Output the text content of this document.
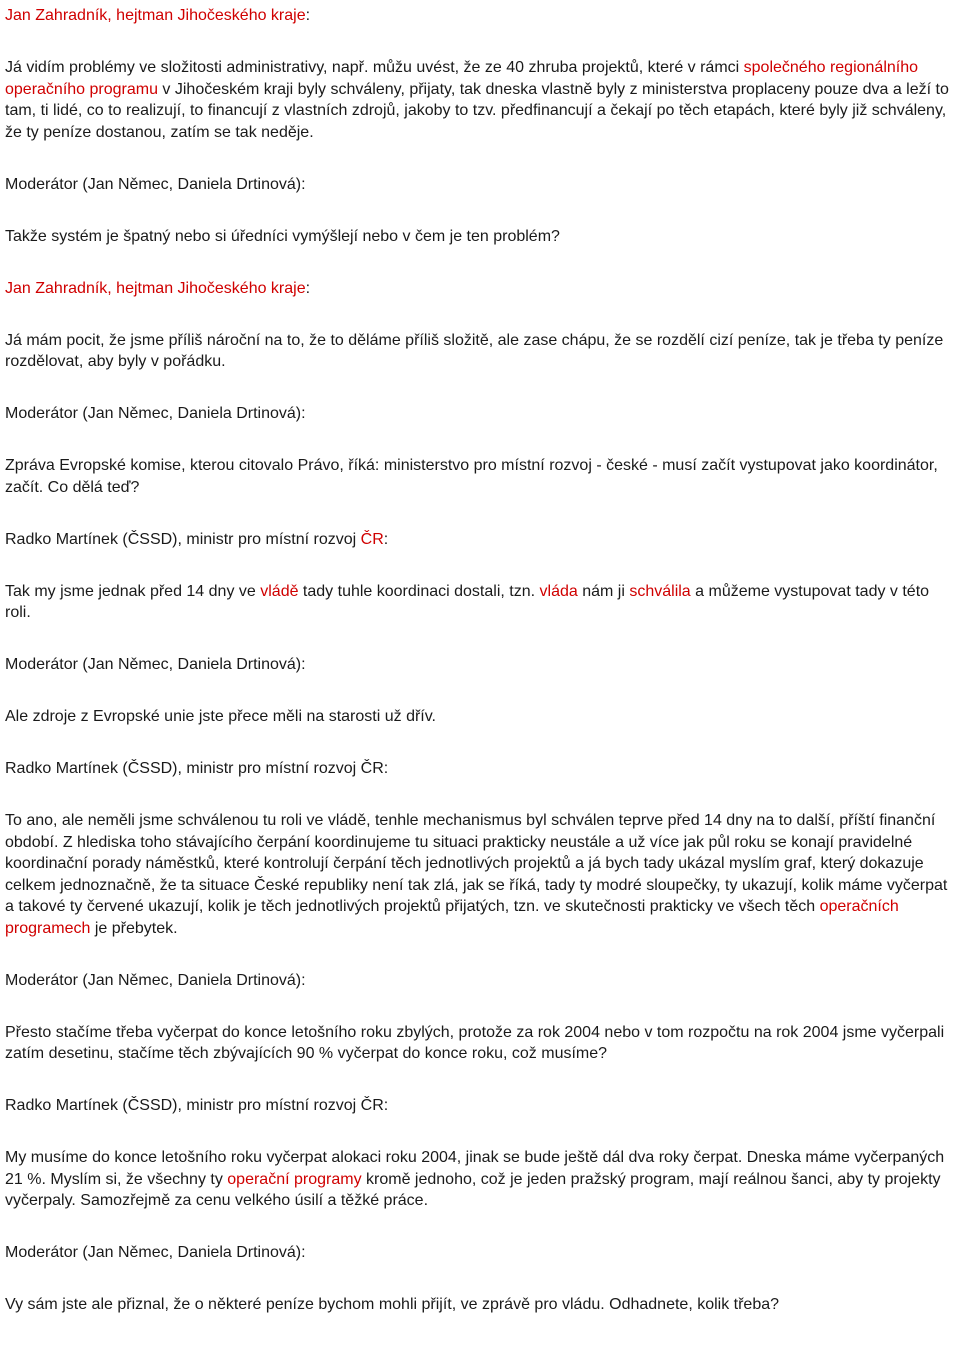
Jan Zahradník, hejtman Jihočeského kraje:
Já vidím problémy ve složitosti administrativy, např. můžu uvést, že ze 40 zhruba projektů, které v rámci společného regionálního operačního programu v Jihočeském kraji byly schváleny, přijaty, tak dneska vlastně byly z ministerstva proplaceny pouze dva a leží to tam, ti lidé, co to realizují, to financují z vlastních zdrojů, jakoby to tzv. předfinancují a čekají po těch etapách, které byly již schváleny, že ty peníze dostanou, zatím se tak neděje.
Moderátor (Jan Němec, Daniela Drtinová):
Takže systém je špatný nebo si úředníci vymýšlejí nebo v čem je ten problém?
Jan Zahradník, hejtman Jihočeského kraje:
Já mám pocit, že jsme příliš nároční na to, že to děláme příliš složitě, ale zase chápu, že se rozdělí cizí peníze, tak je třeba ty peníze rozdělovat, aby byly v pořádku.
Moderátor (Jan Němec, Daniela Drtinová):
Zpráva Evropské komise, kterou citovalo Právo, říká: ministerstvo pro místní rozvoj - české - musí začít vystupovat jako koordinátor, začít. Co dělá teď?
Radko Martínek (ČSSD), ministr pro místní rozvoj ČR:
Tak my jsme jednak před 14 dny ve vládě tady tuhle koordinaci dostali, tzn. vláda nám ji schválila a můžeme vystupovat tady v této roli.
Moderátor (Jan Němec, Daniela Drtinová):
Ale zdroje z Evropské unie jste přece měli na starosti už dřív.
Radko Martínek (ČSSD), ministr pro místní rozvoj ČR:
To ano, ale neměli jsme schválenou tu roli ve vládě, tenhle mechanismus byl schválen teprve před 14 dny na to další, příští finanční období. Z hlediska toho stávajícího čerpání koordinujeme tu situaci prakticky neustále a už více jak půl roku se konají pravidelné koordinační porady náměstků, které kontrolují čerpání těch jednotlivých projektů a já bych tady ukázal myslím graf, který dokazuje celkem jednoznačně, že ta situace České republiky není tak zlá, jak se říká, tady ty modré sloupečky, ty ukazují, kolik máme vyčerpat a takové ty červené ukazují, kolik je těch jednotlivých projektů přijatých, tzn. ve skutečnosti prakticky ve všech těch operačních programech je přebytek.
Moderátor (Jan Němec, Daniela Drtinová):
Přesto stačíme třeba vyčerpat do konce letošního roku zbylých, protože za rok 2004 nebo v tom rozpočtu na rok 2004 jsme vyčerpali zatím desetinu, stačíme těch zbývajících 90 % vyčerpat do konce roku, což musíme?
Radko Martínek (ČSSD), ministr pro místní rozvoj ČR:
My musíme do konce letošního roku vyčerpat alokaci roku 2004, jinak se bude ještě dál dva roky čerpat. Dneska máme vyčerpaných 21 %. Myslím si, že všechny ty operační programy kromě jednoho, což je jeden pražský program, mají reálnou šanci, aby ty projekty vyčerpaly. Samozřejmě za cenu velkého úsilí a těžké práce.
Moderátor (Jan Němec, Daniela Drtinová):
Vy sám jste ale přiznal, že o některé peníze bychom mohli přijít, ve zprávě pro vládu. Odhadnete, kolik třeba?
